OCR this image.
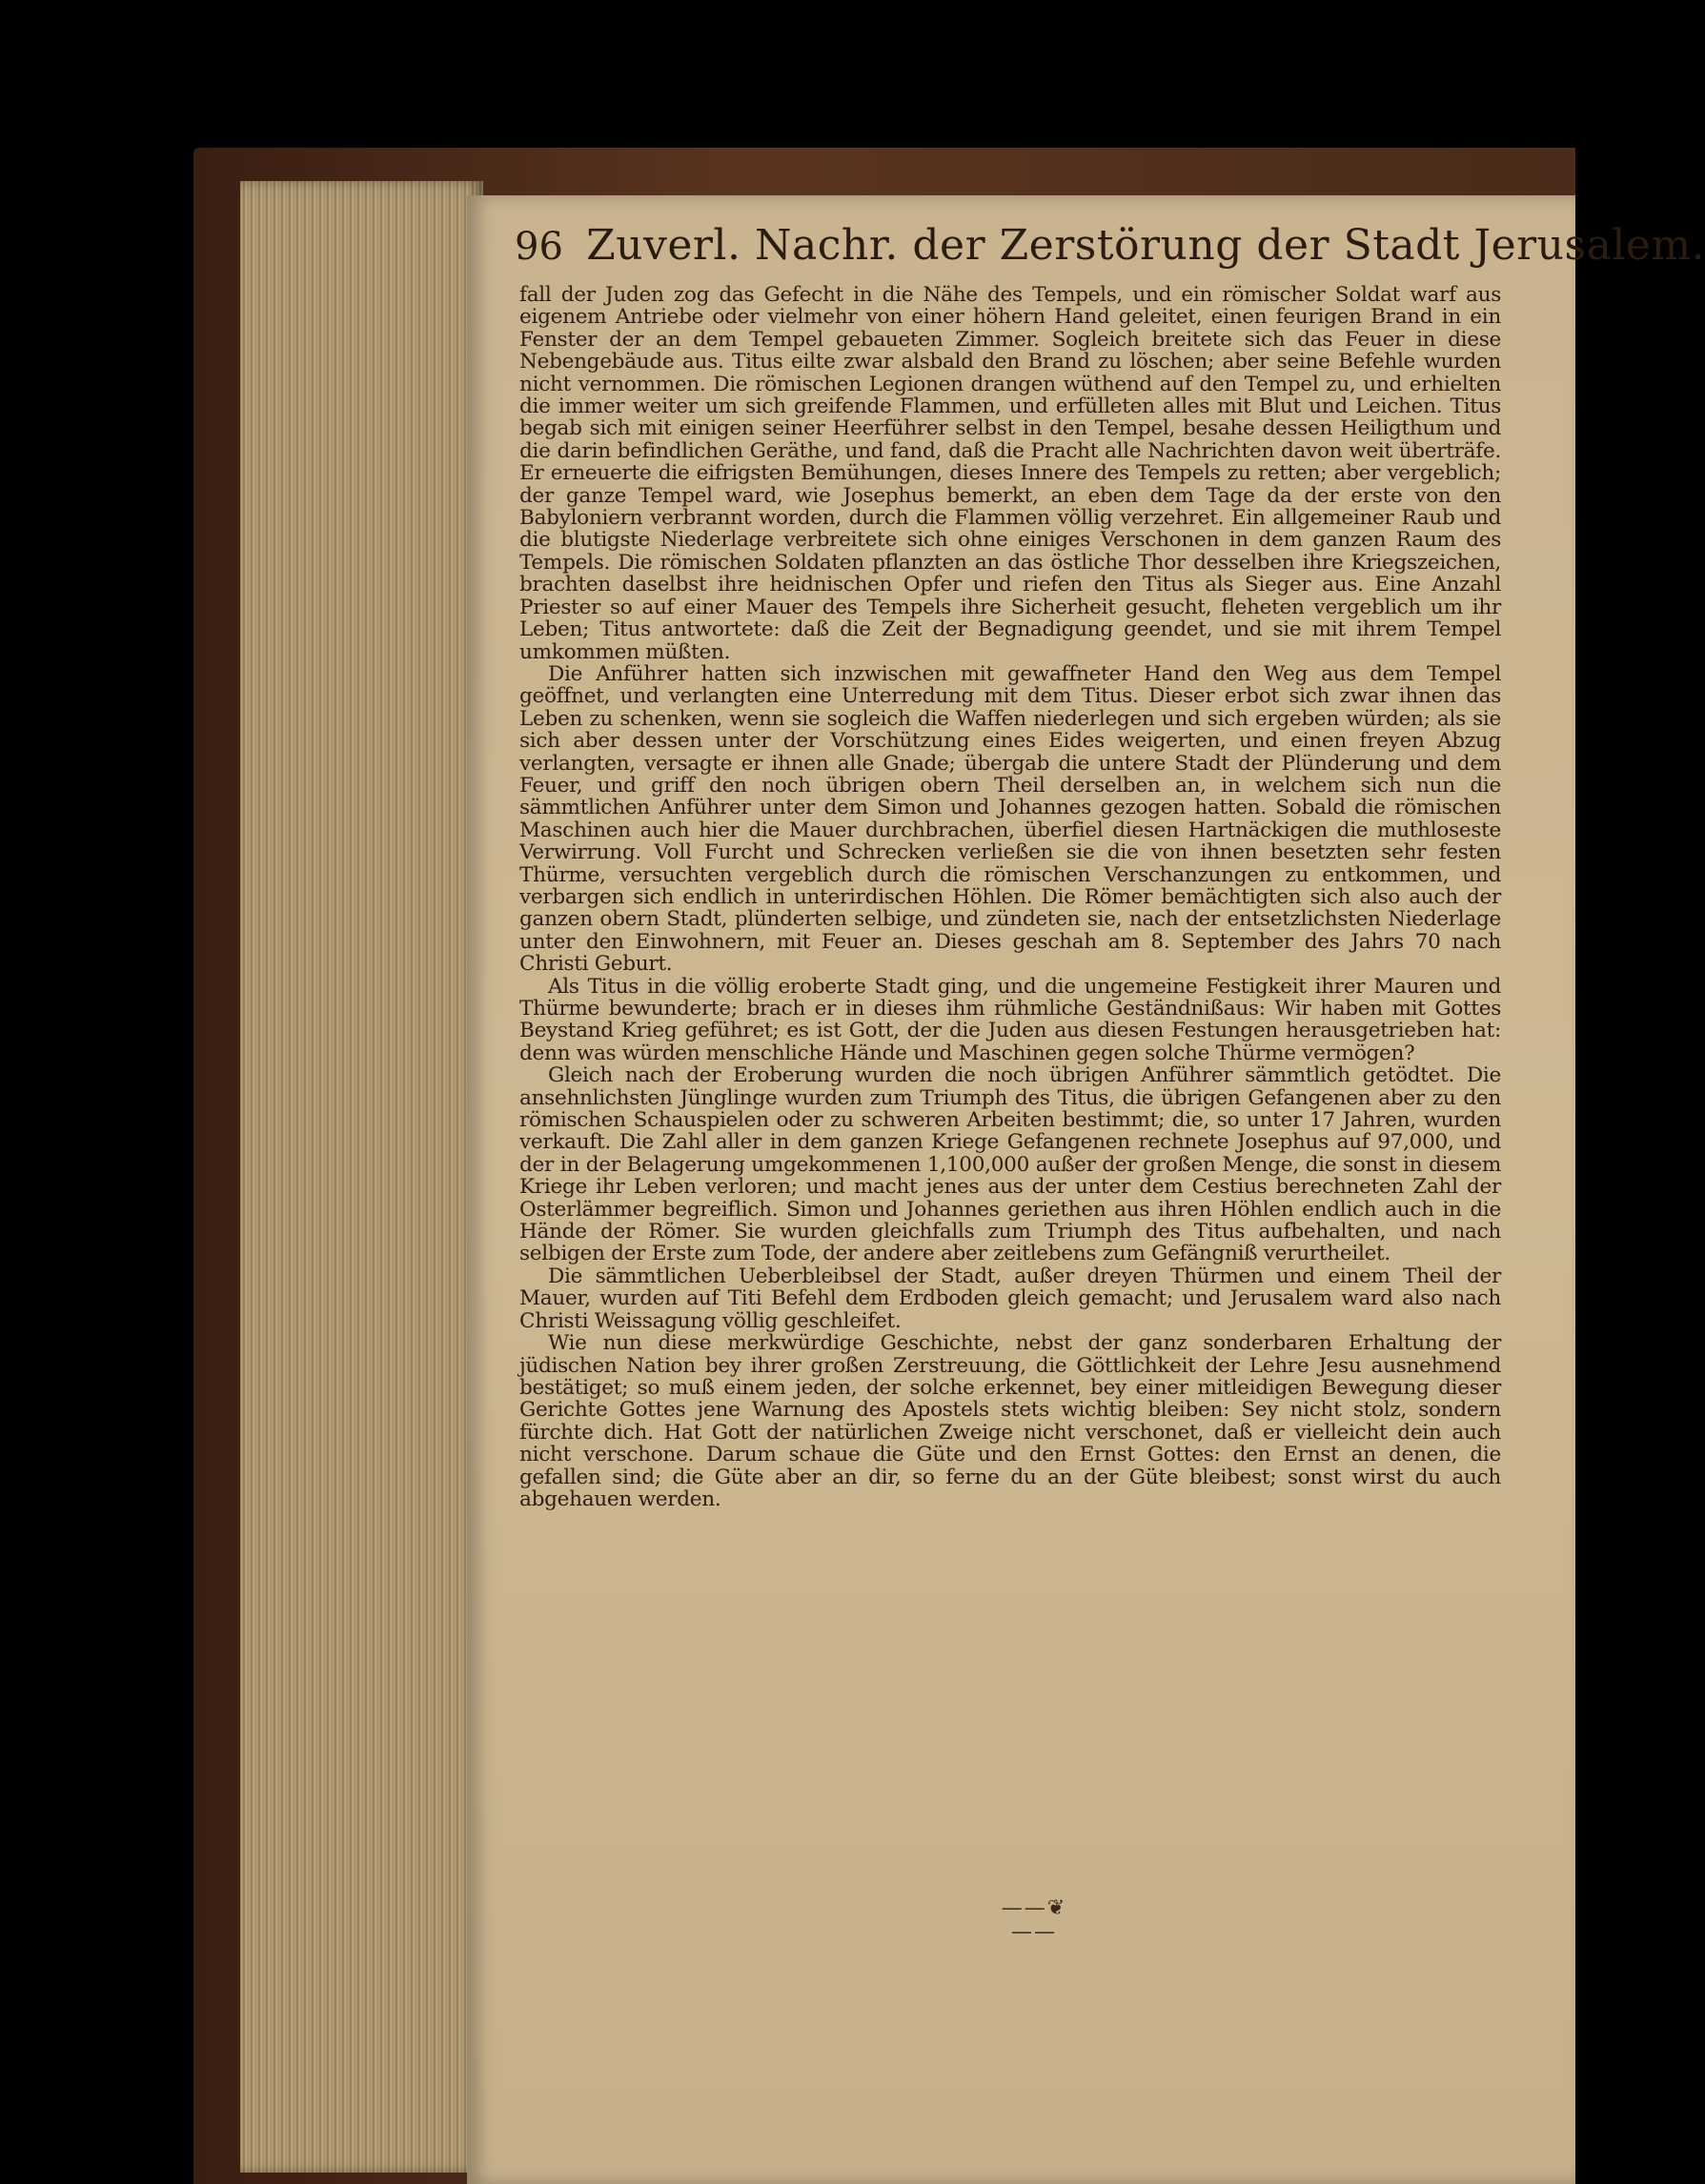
96 Zuverl. Nachr. der Zerstörung der Stadt Jerusalem.

fall der Juden zog das Gefecht in die Nähe des Tempels, und ein römischer Soldat warf aus eigenem Antriebe oder vielmehr von einer höhern Hand geleitet, einen feurigen Brand in ein Fenster der an dem Tempel gebaueten Zimmer. Sogleich breitete sich das Feuer in diese Nebengebäude aus. Titus eilte zwar alsbald den Brand zu löschen; aber seine Befehle wurden nicht vernommen. Die römischen Legionen drangen wüthend auf den Tempel zu, und erhielten die immer weiter um sich greifende Flammen, und erfülleten alles mit Blut und Leichen. Titus begab sich mit einigen seiner Heerführer selbst in den Tempel, besahe dessen Heiligthum und die darin befindlichen Geräthe, und fand, daß die Pracht alle Nachrichten davon weit überträfe. Er erneuerte die eifrigsten Bemühungen, dieses Innere des Tempels zu retten; aber vergeblich; der ganze Tempel ward, wie Josephus bemerkt, an eben dem Tage da der erste von den Babyloniern verbrannt worden, durch die Flammen völlig verzehret. Ein allgemeiner Raub und die blutigste Niederlage verbreitete sich ohne einiges Verschonen in dem ganzen Raum des Tempels. Die römischen Soldaten pflanzten an das östliche Thor desselben ihre Kriegszeichen, brachten daselbst ihre heidnischen Opfer und riefen den Titus als Sieger aus. Eine Anzahl Priester so auf einer Mauer des Tempels ihre Sicherheit gesucht, fleheten vergeblich um ihr Leben; Titus antwortete: daß die Zeit der Begnadigung geendet, und sie mit ihrem Tempel umkommen müßten.

Die Anführer hatten sich inzwischen mit gewaffneter Hand den Weg aus dem Tempel geöffnet, und verlangten eine Unterredung mit dem Titus. Dieser erbot sich zwar ihnen das Leben zu schenken, wenn sie sogleich die Waffen niederlegen und sich ergeben würden; als sie sich aber dessen unter der Vorschützung eines Eides weigerten, und einen freyen Abzug verlangten, versagte er ihnen alle Gnade; übergab die untere Stadt der Plünderung und dem Feuer, und griff den noch übrigen obern Theil derselben an, in welchem sich nun die sämmtlichen Anführer unter dem Simon und Johannes gezogen hatten. Sobald die römischen Maschinen auch hier die Mauer durchbrachen, überfiel diesen Hartnäckigen die muthloseste Verwirrung. Voll Furcht und Schrecken verließen sie die von ihnen besetzten sehr festen Thürme, versuchten vergeblich durch die römischen Verschanzungen zu entkommen, und verbargen sich endlich in unterirdischen Höhlen. Die Römer bemächtigten sich also auch der ganzen obern Stadt, plünderten selbige, und zündeten sie, nach der entsetzlichsten Niederlage unter den Einwohnern, mit Feuer an. Dieses geschah am 8. September des Jahrs 70 nach Christi Geburt.

Als Titus in die völlig eroberte Stadt ging, und die ungemeine Festigkeit ihrer Mauren und Thürme bewunderte; brach er in dieses ihm rühmliche Geständnißaus: Wir haben mit Gottes Beystand Krieg geführet; es ist Gott, der die Juden aus diesen Festungen herausgetrieben hat: denn was würden menschliche Hände und Maschinen gegen solche Thürme vermögen?

Gleich nach der Eroberung wurden die noch übrigen Anführer sämmtlich getödtet. Die ansehnlichsten Jünglinge wurden zum Triumph des Titus, die übrigen Gefangenen aber zu den römischen Schauspielen oder zu schweren Arbeiten bestimmt; die, so unter 17 Jahren, wurden verkauft. Die Zahl aller in dem ganzen Kriege Gefangenen rechnete Josephus auf 97,000, und der in der Belagerung umgekommenen 1,100,000 außer der großen Menge, die sonst in diesem Kriege ihr Leben verloren; und macht jenes aus der unter dem Cestius berechneten Zahl der Osterlämmer begreiflich. Simon und Johannes geriethen aus ihren Höhlen endlich auch in die Hände der Römer. Sie wurden gleichfalls zum Triumph des Titus aufbehalten, und nach selbigen der Erste zum Tode, der andere aber zeitlebens zum Gefängniß verurtheilet.

Die sämmtlichen Ueberbleibsel der Stadt, außer dreyen Thürmen und einem Theil der Mauer, wurden auf Titi Befehl dem Erdboden gleich gemacht; und Jerusalem ward also nach Christi Weissagung völlig geschleifet.

Wie nun diese merkwürdige Geschichte, nebst der ganz sonderbaren Erhaltung der jüdischen Nation bey ihrer großen Zerstreuung, die Göttlichkeit der Lehre Jesu ausnehmend bestätiget; so muß einem jeden, der solche erkennet, bey einer mitleidigen Bewegung dieser Gerichte Gottes jene Warnung des Apostels stets wichtig bleiben: Sey nicht stolz, sondern fürchte dich. Hat Gott der natürlichen Zweige nicht verschonet, daß er vielleicht dein auch nicht verschone. Darum schaue die Güte und den Ernst Gottes: den Ernst an denen, die gefallen sind; die Güte aber an dir, so ferne du an der Güte bleibest; sonst wirst du auch abgehauen werden.

——❦——
